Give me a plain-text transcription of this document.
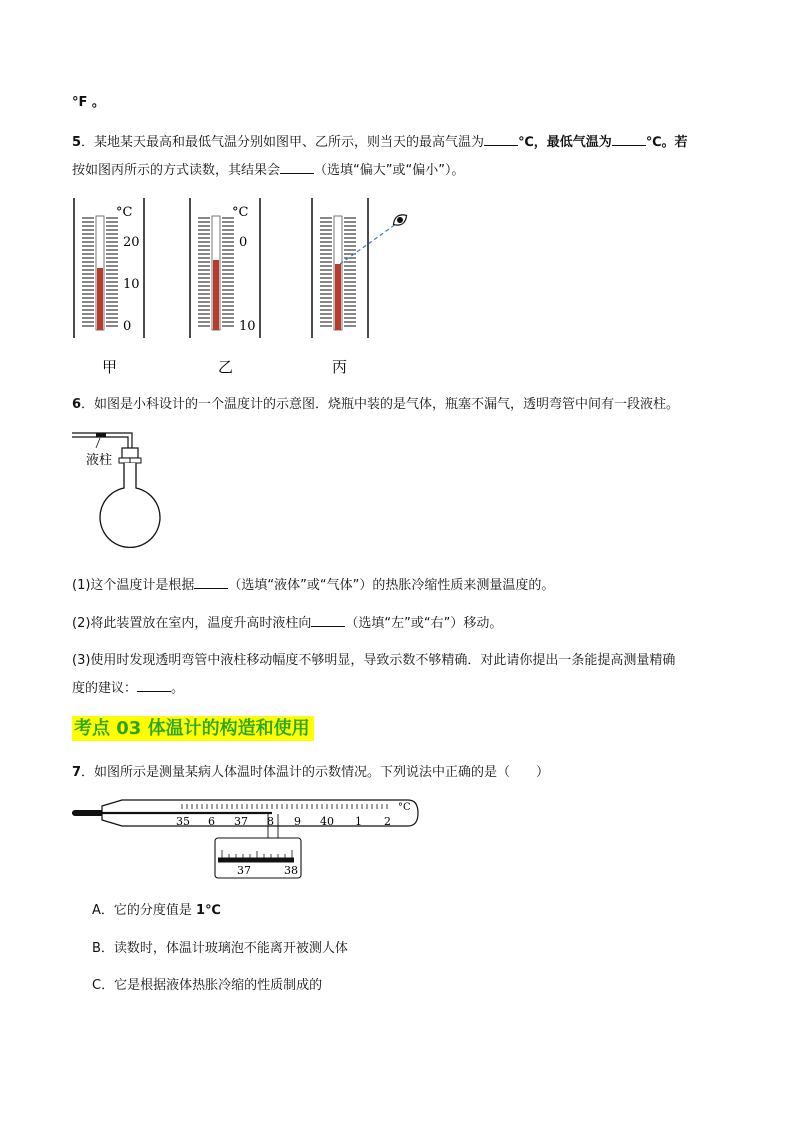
°F 。
5．某地某天最高和最低气温分别如图甲、乙所示，则当天的最高气温为	℃，最低气温为	℃。若
按如图丙所示的方式读数，其结果会	（选填“偏大”或“偏小”）。
°C
20
10
0
甲
°C
0
10
乙	丙
6．如图是小科设计的一个温度计的示意图．烧瓶中装的是气体，瓶塞不漏气，透明弯管中间有一段液柱。
液柱
(1)这个温度计是根据	（选填“液体”或“气体”）的热胀冷缩性质来测量温度的。
(2)将此装置放在室内，温度升高时液柱向	（选填“左”或“右”）移动。
(3)使用时发现透明弯管中液柱移动幅度不够明显，导致示数不够精确．对此请你提出一条能提高测量精确
度的建议：	。
考点 03 体温计的构造和使用
7．如图所示是测量某病人体温时体温计的示数情况。下列说法中正确的是（　　）
35 6 37 8 9 40 1 2
°C
37	38
A．它的分度值是 1℃
B．读数时，体温计玻璃泡不能离开被测人体
C．它是根据液体热胀冷缩的性质制成的
